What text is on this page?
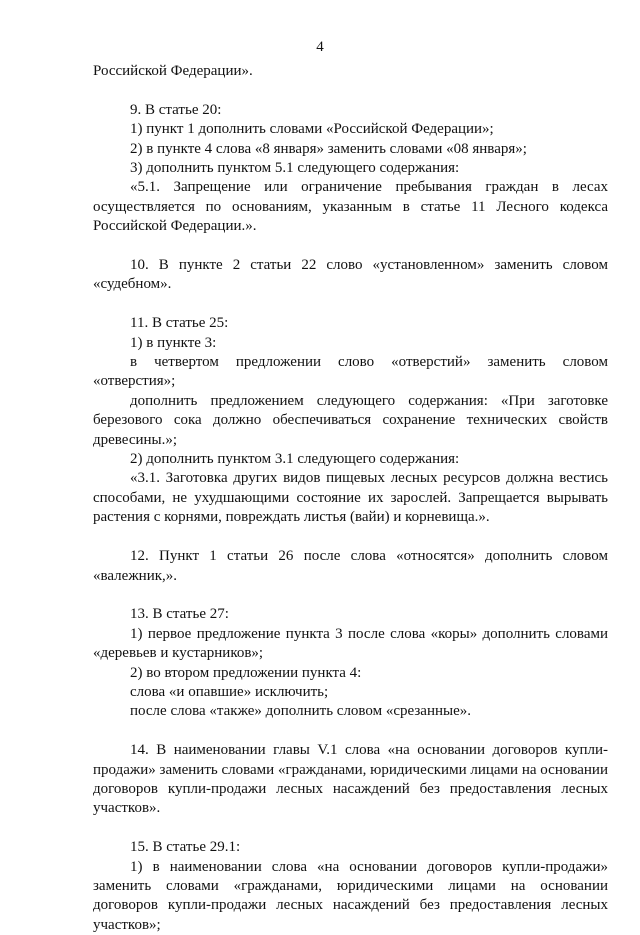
4

Российской Федерации».

9. В статье 20:

1) пункт 1 дополнить словами «Российской Федерации»;

2) в пункте 4 слова «8 января» заменить словами «08 января»;

3) дополнить пунктом 5.1 следующего содержания:

«5.1. Запрещение или ограничение пребывания граждан в лесах осуществляется по основаниям, указанным в статье 11 Лесного кодекса Российской Федерации.».

10. В пункте 2 статьи 22 слово «установленном» заменить словом «судебном».

11. В статье 25:

1) в пункте 3:

в четвертом предложении слово «отверстий» заменить словом «отверстия»;

дополнить предложением следующего содержания: «При заготовке березового сока должно обеспечиваться сохранение технических свойств древесины.»;

2) дополнить пунктом 3.1 следующего содержания:

«3.1. Заготовка других видов пищевых лесных ресурсов должна вестись способами, не ухудшающими состояние их зарослей. Запрещается вырывать растения с корнями, повреждать листья (вайи) и корневища.».

12. Пункт 1 статьи 26 после слова «относятся» дополнить словом «валежник,».

13. В статье 27:

1) первое предложение пункта 3 после слова «коры» дополнить словами «деревьев и кустарников»;

2) во втором предложении пункта 4:

слова «и опавшие» исключить;

после слова «также» дополнить словом «срезанные».

14. В наименовании главы V.1 слова «на основании договоров купли-продажи» заменить словами «гражданами, юридическими лицами на основании договоров купли-продажи лесных насаждений без предоставления лесных участков».

15. В статье 29.1:

1) в наименовании слова «на основании договоров купли-продажи» заменить словами «гражданами, юридическими лицами на основании договоров купли-продажи лесных насаждений без предоставления лесных участков»;
